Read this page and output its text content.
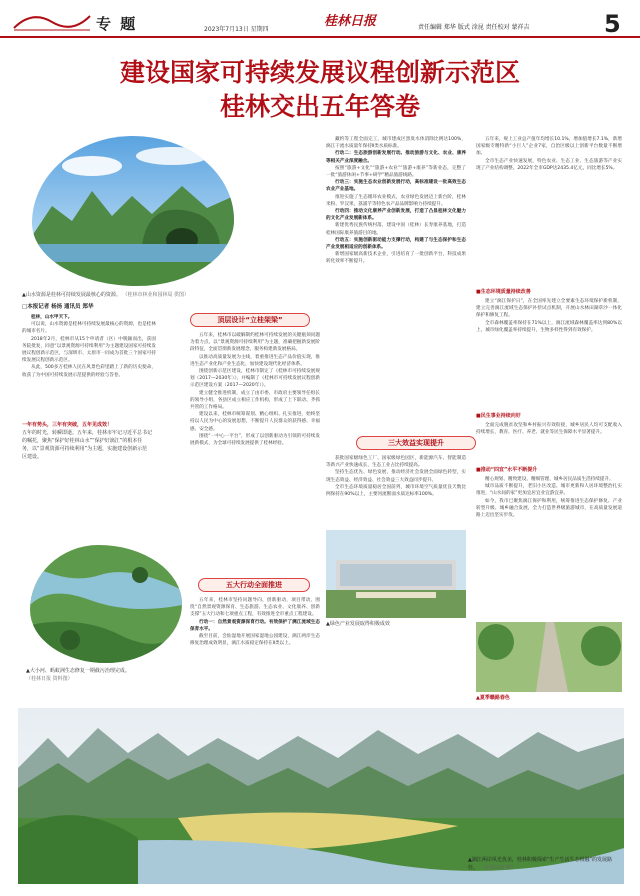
专 题	2023年7月13日 星期四
桂林日报	责任编辑 郑华 版式 涂昆 责任校对 蒙祥吉	5
建设国家可持续发展议程创新示范区
桂林交出五年答卷
▲山水资源是桂林可持续发展最核心的资源。 （桂林市林业和园林局 供图）
□本报记者 杨扬 通讯员 郑华

桂林，山水甲天下。

可以说，山水资源是桂林可持续发展最核心的资源，也是桂林的城市名片。

2018年2月，桂林市从15个申请者（区）中脱颖而出，获国务院批复，同意“以景观资源可持续利用”为主题建设国家可持续发展议程创新示范区，与深圳市、太原市一同成为首批三个国家可持续发展议程创新示范区。

从此，500多万桂林人民在风景色彩里踏上了新的历史使命，收获了为中国可持续发展示范提供的经验与答卷。

一年有势头，三年有突破，五年见成效！
五年的时光，转瞬即逝。五年来，桂林市牢记习近平总书记的嘱托，聚焦“保护好桂林山水”“保护好漓江”的根本任务，以“景观资源可持续利用”为主题，实施建设创新示范区建设。
▲大小河、蚂蚁洲生态修复一期截污治理完成。
（桂林日报 资料图）
顶层设计“立桂架梁”

五年来，桂林市以破解制约桂林可持续发展的关键瓶颈问题为着力点，以“景观资源可持续利用”为主题，准确把握新发展阶段特征，全面贯彻新发展理念，服务构建新发展格局。

以推动高质量发展为主线，着重推进生态产品价值实现，推进生态产业化和产业生态化，加快建设现代化经济体系。

围绕创新示范区建设，桂林市制定了《桂林市可持续发展规划（2017—2030年）》，并编制了《桂林市可持续发展议程创新示范区建设方案（2017—2020年）》。

建立健全推进机制，成立了由市委、市政府主要领导任组长的领导小组，各县区成立相应工作机构，形成了上下联动、齐抓共管的工作格局。

建设以来，桂林市统筹谋划、精心组织、扎实推进，始终坚持以人民为中心的发展思想，不断提升人民群众的获得感、幸福感、安全感。

围绕“一中心一平台”，形成了以创新驱动为引领的可持续发展新模式，为全球可持续发展提供了桂林经验。

五大行动全面推进

五年来，桂林市坚持问题导向、创新驱动，项目带动，围绕“自然景观资源保育、生态旅游、生态农业、文化康养、创新支撑”五大行动和七项重点工程，有效推进全市重点工程建设。

行动一：自然景观资源保育行动。有效保护了漓江流域生态保育水平。

截至目前，会仙湿地开展国家湿地公园建设，漓江两岸生态修复治理成效明显，漓江水质稳定保持在Ⅱ类以上。

藏约等工程全面完工，城市建成区黑臭水体消除比例达100%，漓江干流水质量年保持Ⅱ类水质标准。

行动二：生态旅游创新发展行动。推动旅游与文化、农业、康养等相关产业深度融合。

按照“旅游+文化”“旅游+农业”“旅游+康养”等新业态，完整了一批“旅游休闲+节事+研学”精品旅游线路。

行动三：实施生态农业创新发展行动，高标准建设一批高效生态农业产业基地。

推进实施了生态循环农业模式，农业绿色发展迈上新台阶，桂林米粉、罗汉果、荔浦芋等特色农产品品牌影响力持续提升。

行动四：推动文化康养产业创新发展，打造了凸显桂林文化魅力的文化产业发展新体系。

新建优秀民族传统村落，建设中国（桂林）长寿康养基地，打造桂林国际康养旅游目的地。

行动五：实施创新驱动能力支撑行动，构建了与生态保护和生态产业发展相适应的创新体系。

新增国家级高新技术企业，引进培育了一批创新平台，科技成果转化效率不断提升。

三大效益实现提升

获批国家级绿色工厂、国家级绿色园区，新能源汽车、智能制造等新兴产业快速成长，生态工业占比持续提高。

坚持生态优先、绿色发展，推动经济社会发展全面绿色转型，实现生态效益、经济效益、社会效益三大效益同步提升。

全市生态环境质量稳居全国前列，城市环境空气质量优良天数比例保持在90%以上，主要河流断面水质达标率100%。

▲绿色产业发展取得积极成效

五年来，规上工业总产值年均增长10.1%，增加值增长7.1%，新增国家级专精特新“小巨人”企业7家，自治区级以上创新平台数量不断增加。

全市生态产业快速发展，特色农业、生态工业、生态旅游等产业实现了产业结构调整。2022年全市GDP达2435.4亿元，同比增长5%。

■生态环境质量持续改善

建立“漓江保护日”，在全国率先建立全要素生态环境保护新机制，建立完善漓江流域生态保护补偿试点机制，开展山水林田湖草沙一体化保护和修复工程。

全市森林覆盖率保持在71%以上，漓江流域森林覆盖率达到80%以上，城市绿化覆盖率持续提升，生物多样性得到有效保护。

■民生事业持续向好

全面完成脱贫攻坚和乡村振兴有效衔接，城乡居民人均可支配收入持续增长，教育、医疗、养老、就业等民生保障水平显著提升。

■推动“四宜”水平不断提升

精心规划、精致建设、精细管理，城乡居民品质生活持续提升。

城市品质不断提升，老旧小区改造、城市更新和人居环境整治扎实推进，“山水间的家”更加宜居宜业宜游宜养。

如今，我市已聚焦漓江保护和利用，统筹推进生态保护修复、产业转型升级、城乡融合发展，全力打造世界级旅游城市，在高质量发展道路上迈出坚实步伐。

▲夏季赣路春色
▲漓江两岸风光优美，桂林积极探索“生产生活生态相融”的发展路径。 （本报记者 摄）
